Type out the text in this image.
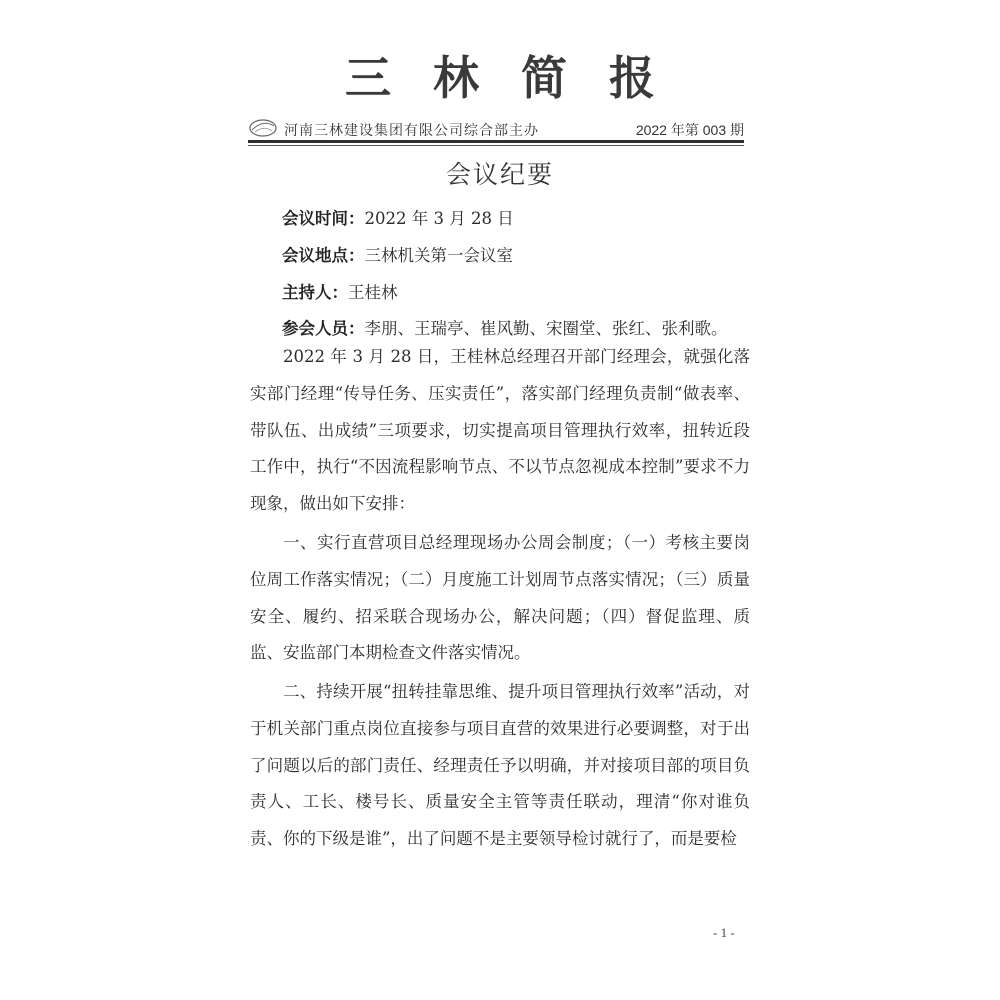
三林简报
河南三林建设集团有限公司综合部主办	2022 年第 003 期
会议纪要
会议时间：2022 年 3 月 28 日
会议地点：三林机关第一会议室
主持人：王桂林
参会人员：李朋、王瑞亭、崔风勤、宋圈堂、张红、张利歌。

2022 年 3 月 28 日，王桂林总经理召开部门经理会，就强化落实部门经理“传导任务、压实责任”，落实部门经理负责制“做表率、带队伍、出成绩”三项要求，切实提高项目管理执行效率，扭转近段工作中，执行“不因流程影响节点、不以节点忽视成本控制”要求不力现象，做出如下安排：

一、实行直营项目总经理现场办公周会制度；（一）考核主要岗位周工作落实情况；（二）月度施工计划周节点落实情况；（三）质量安全、履约、招采联合现场办公，解决问题；（四）督促监理、质监、安监部门本期检查文件落实情况。

二、持续开展“扭转挂靠思维、提升项目管理执行效率”活动，对于机关部门重点岗位直接参与项目直营的效果进行必要调整，对于出了问题以后的部门责任、经理责任予以明确，并对接项目部的项目负责人、工长、楼号长、质量安全主管等责任联动，理清“你对谁负责、你的下级是谁”，出了问题不是主要领导检讨就行了，而是要检

- 1 -
